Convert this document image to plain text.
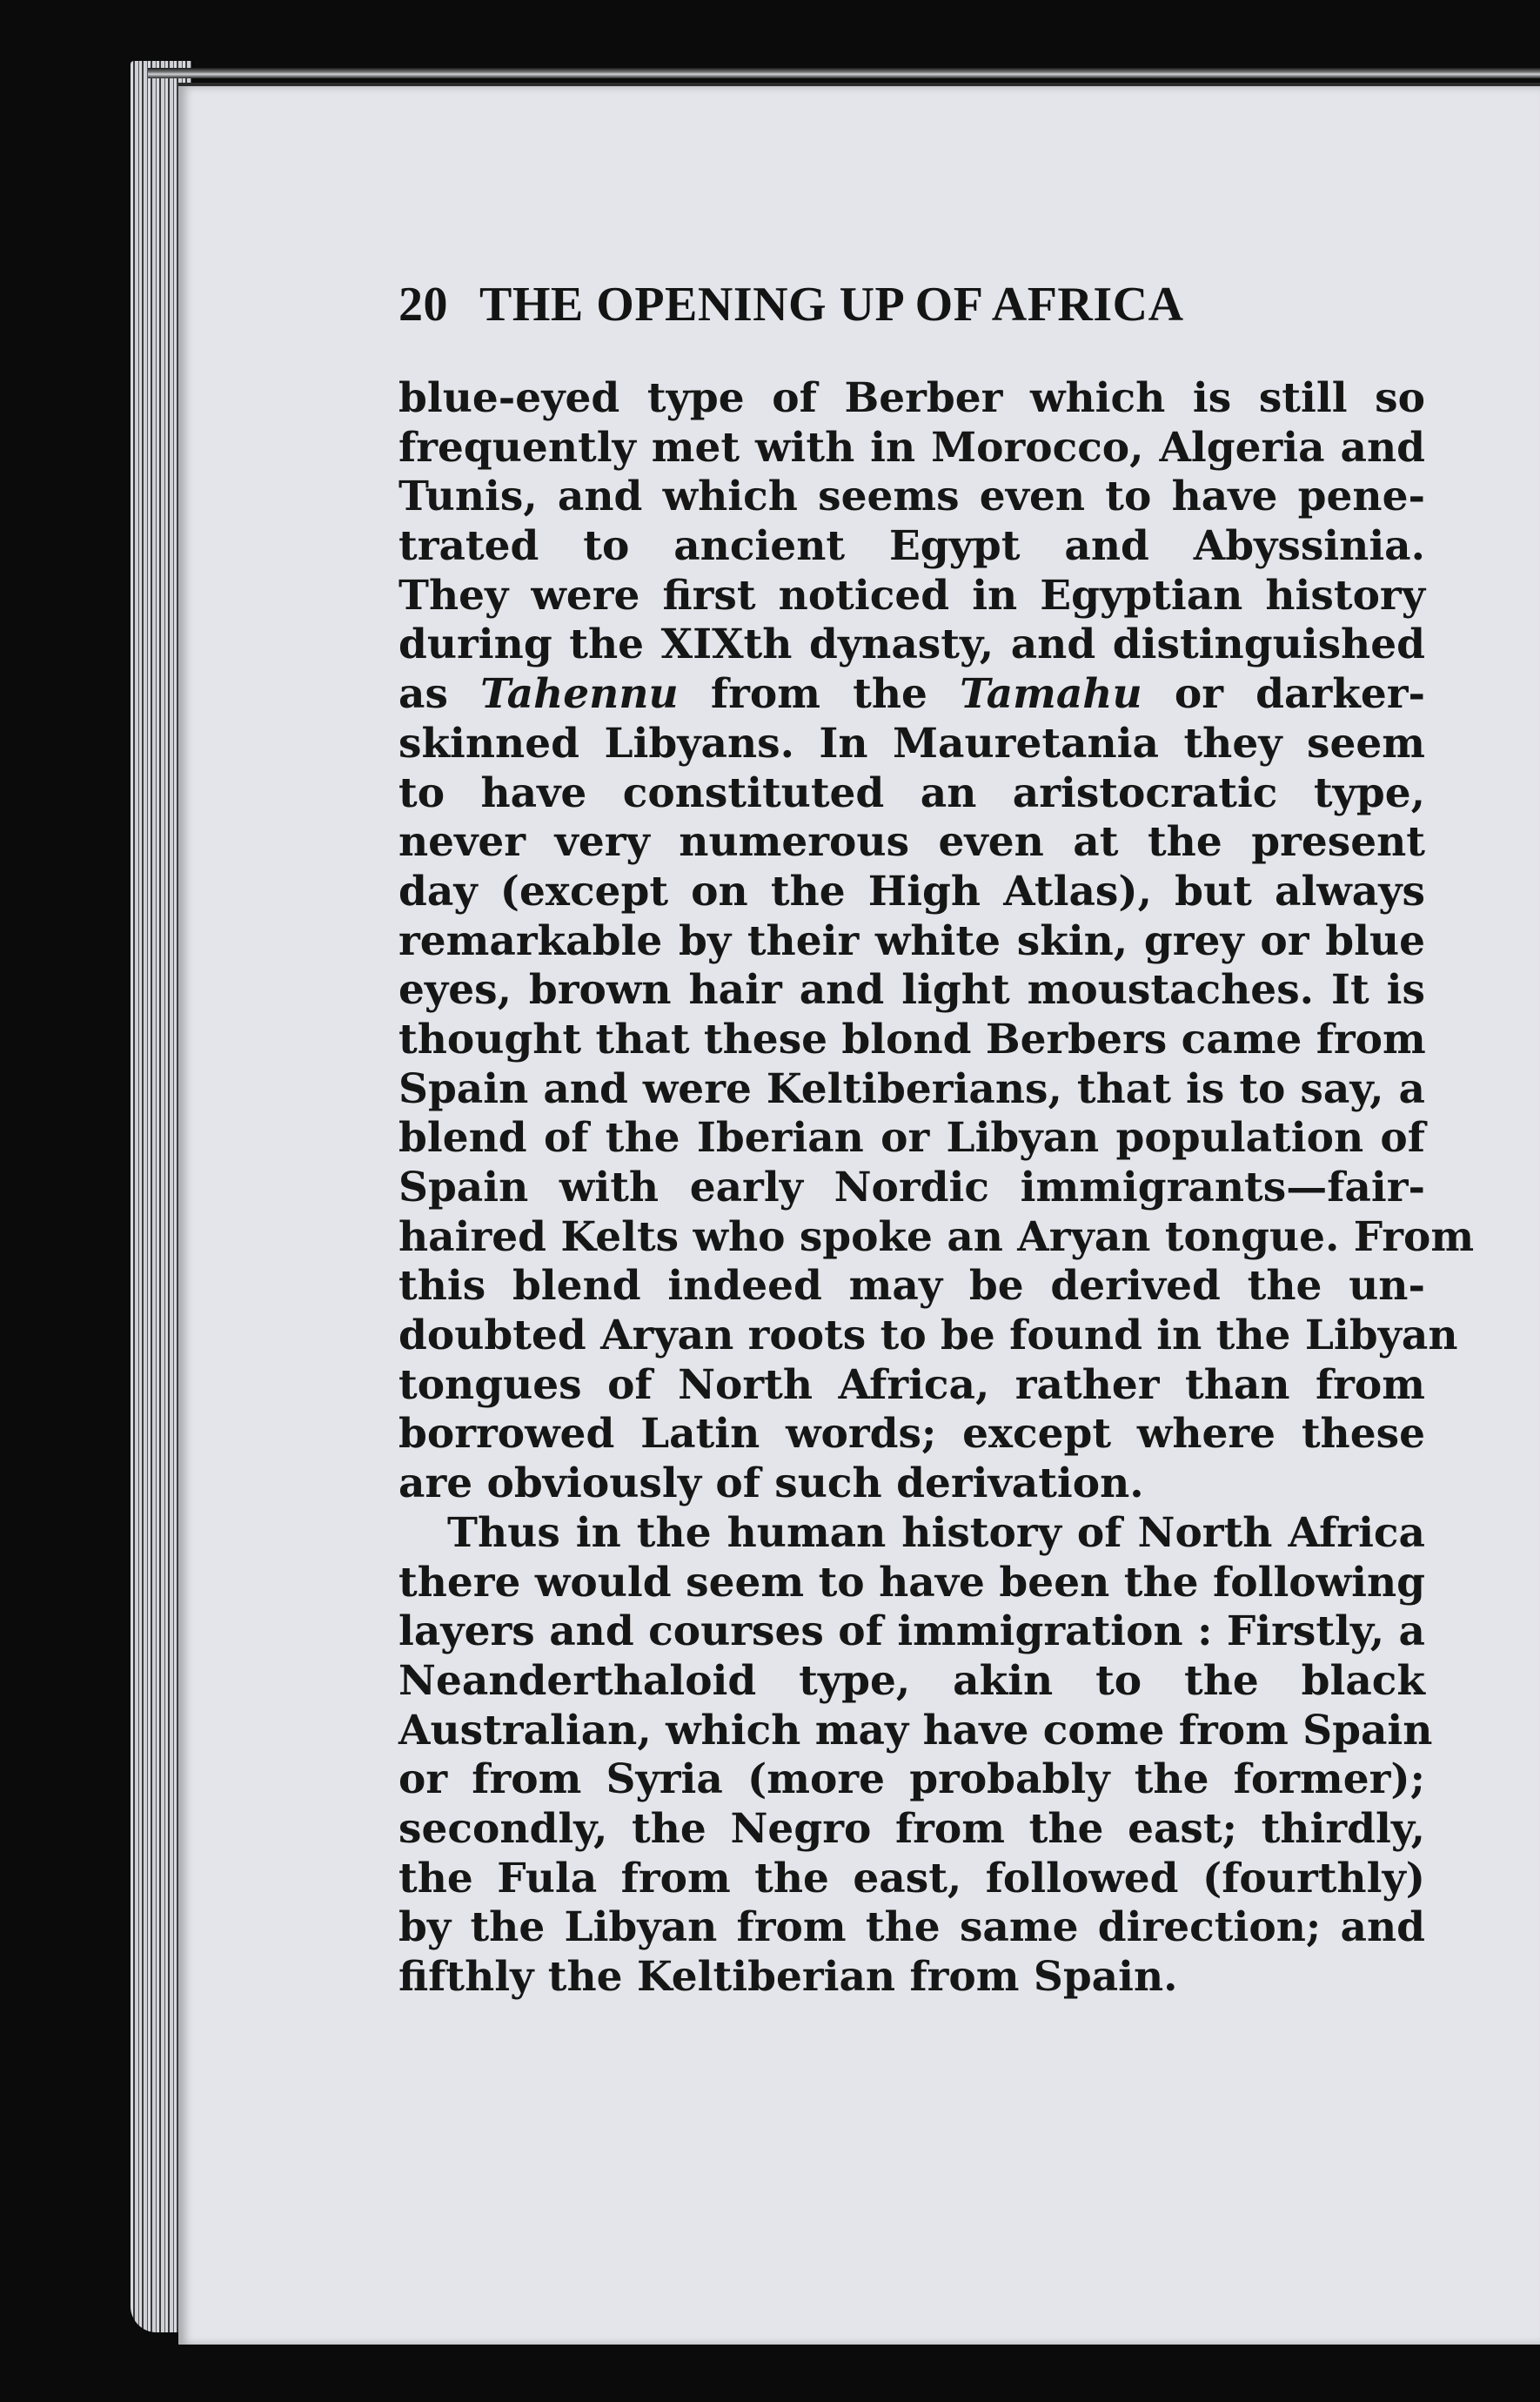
20 THE OPENING UP OF AFRICA
blue-eyed type of Berber which is still so
frequently met with in Morocco, Algeria and
Tunis, and which seems even to have pene-
trated to ancient Egypt and Abyssinia.
They were first noticed in Egyptian history
during the XIXth dynasty, and distinguished
as Tahennu from the Tamahu or darker-
skinned Libyans. In Mauretania they seem
to have constituted an aristocratic type,
never very numerous even at the present
day (except on the High Atlas), but always
remarkable by their white skin, grey or blue
eyes, brown hair and light moustaches. It is
thought that these blond Berbers came from
Spain and were Keltiberians, that is to say, a
blend of the Iberian or Libyan population of
Spain with early Nordic immigrants—fair-
haired Kelts who spoke an Aryan tongue. From
this blend indeed may be derived the un-
doubted Aryan roots to be found in the Libyan
tongues of North Africa, rather than from
borrowed Latin words; except where these
are obviously of such derivation.
Thus in the human history of North Africa
there would seem to have been the following
layers and courses of immigration : Firstly, a
Neanderthaloid type, akin to the black
Australian, which may have come from Spain
or from Syria (more probably the former);
secondly, the Negro from the east; thirdly,
the Fula from the east, followed (fourthly)
by the Libyan from the same direction; and
fifthly the Keltiberian from Spain.
